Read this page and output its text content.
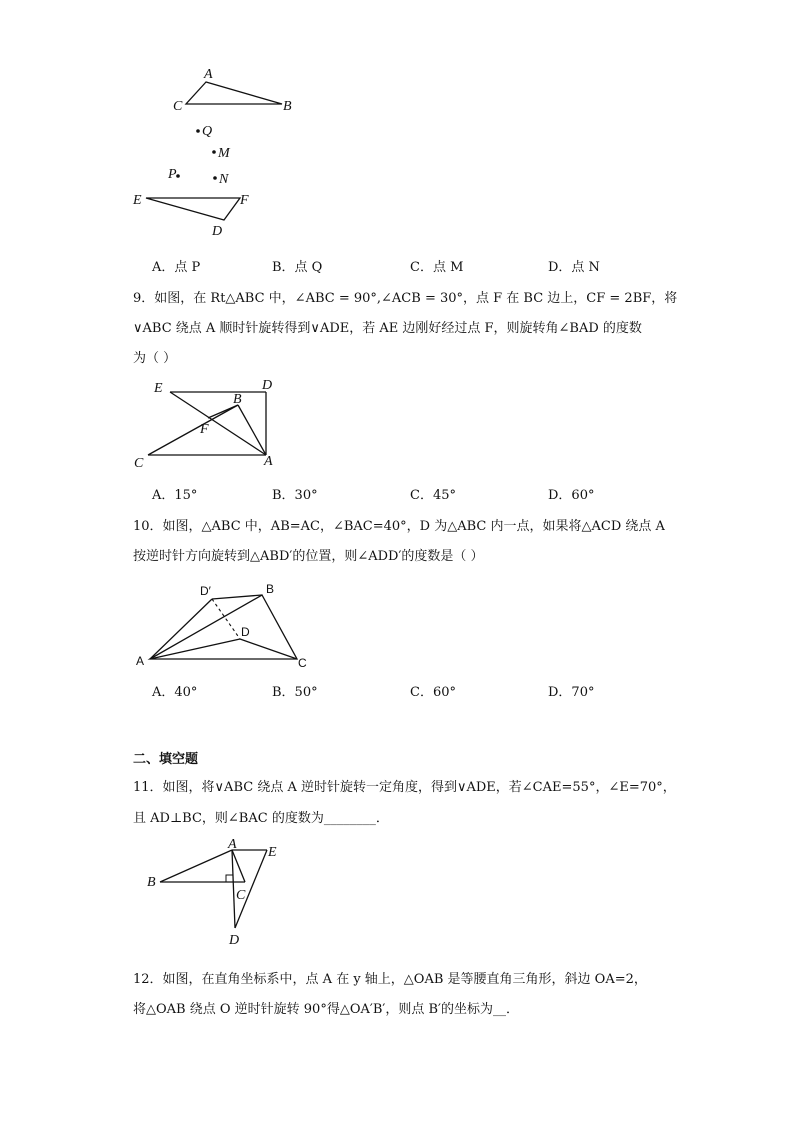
A
C	B
Q
M
P	N
E	F
D
A．点 P	B．点 Q	C．点 M	D．点 N
9．如图，在 Rt△ABC 中，∠ABC = 90°,∠ACB = 30°，点 F 在 BC 边上，CF = 2BF，将
∨ABC 绕点 A 顺时针旋转得到∨ADE，若 AE 边刚好经过点 F，则旋转角∠BAD 的度数
为（ ）
E	D
B
F
C	A
A．15°	B．30°	C．45°	D．60°
10．如图，△ABC 中，AB=AC，∠BAC=40°，D 为△ABC 内一点，如果将△ACD 绕点 A
按逆时针方向旋转到△ABD′的位置，则∠ADD′的度数是（ ）
D′	B
D
A	C
A．40°	B．50°	C．60°	D．70°
二、填空题
11．如图，将∨ABC 绕点 A 逆时针旋转一定角度，得到∨ADE，若∠CAE=55°，∠E=70°，
且 AD⊥BC，则∠BAC 的度数为________．
A
E
B
C
D
12．如图，在直角坐标系中，点 A 在 y 轴上，△OAB 是等腰直角三角形，斜边 OA=2，
将△OAB 绕点 O 逆时针旋转 90°得△OA′B′，则点 B′的坐标为__．
